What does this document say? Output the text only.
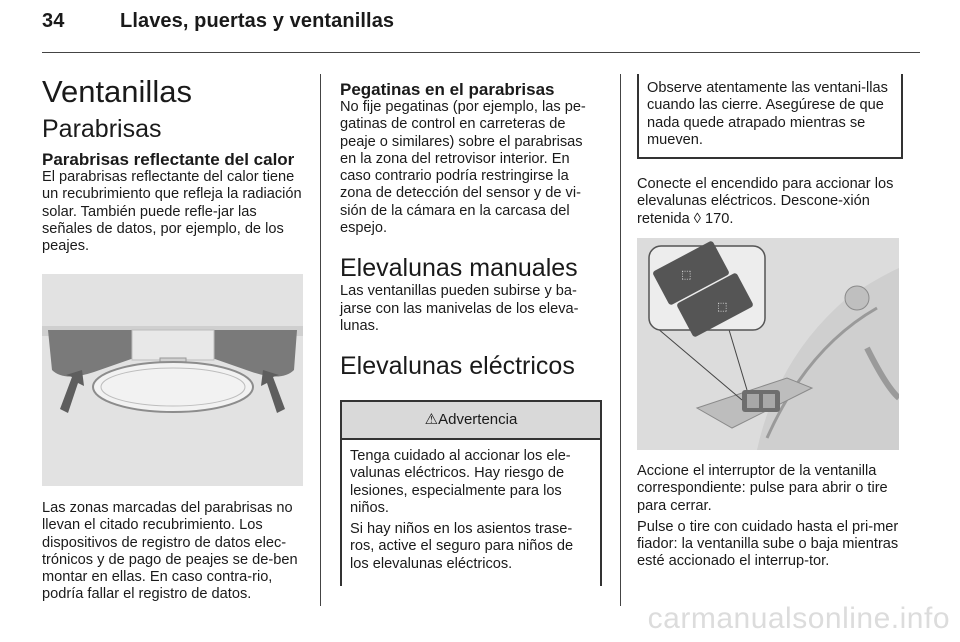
34	Llaves, puertas y ventanillas
Ventanillas
Parabrisas
Parabrisas reflectante del calor

El parabrisas reflectante del calor tiene un recubrimiento que refleja la radiación solar. También puede refle-jar las señales de datos, por ejemplo, de los peajes.

Las zonas marcadas del parabrisas no llevan el citado recubrimiento. Los dispositivos de registro de datos elec-trónicos y de pago de peajes se de-ben montar en ellas. En caso contra-rio, podría fallar el registro de datos.

Pegatinas en el parabrisas

No fije pegatinas (por ejemplo, las pe-gatinas de control en carreteras de peaje o similares) sobre el parabrisas en la zona del retrovisor interior. En caso contrario podría restringirse la zona de detección del sensor y de vi-sión de la cámara en la carcasa del espejo.

Elevalunas manuales

Las ventanillas pueden subirse y ba-jarse con las manivelas de los eleva-lunas.

Elevalunas eléctricos
⚠Advertencia

Tenga cuidado al accionar los ele-valunas eléctricos. Hay riesgo de lesiones, especialmente para los niños.

Si hay niños en los asientos trase-ros, active el seguro para niños de los elevalunas eléctricos.

Observe atentamente las ventani-llas cuando las cierre. Asegúrese de que nada quede atrapado mientras se mueven.

Conecte el encendido para accionar los elevalunas eléctricos. Descone-xión retenida ◊ 170.

⬚
⬚

Accione el interruptor de la ventanilla correspondiente: pulse para abrir o tire para cerrar.

Pulse o tire con cuidado hasta el pri-mer fiador: la ventanilla sube o baja mientras esté accionado el interrup-tor.

carmanualsonline.info
